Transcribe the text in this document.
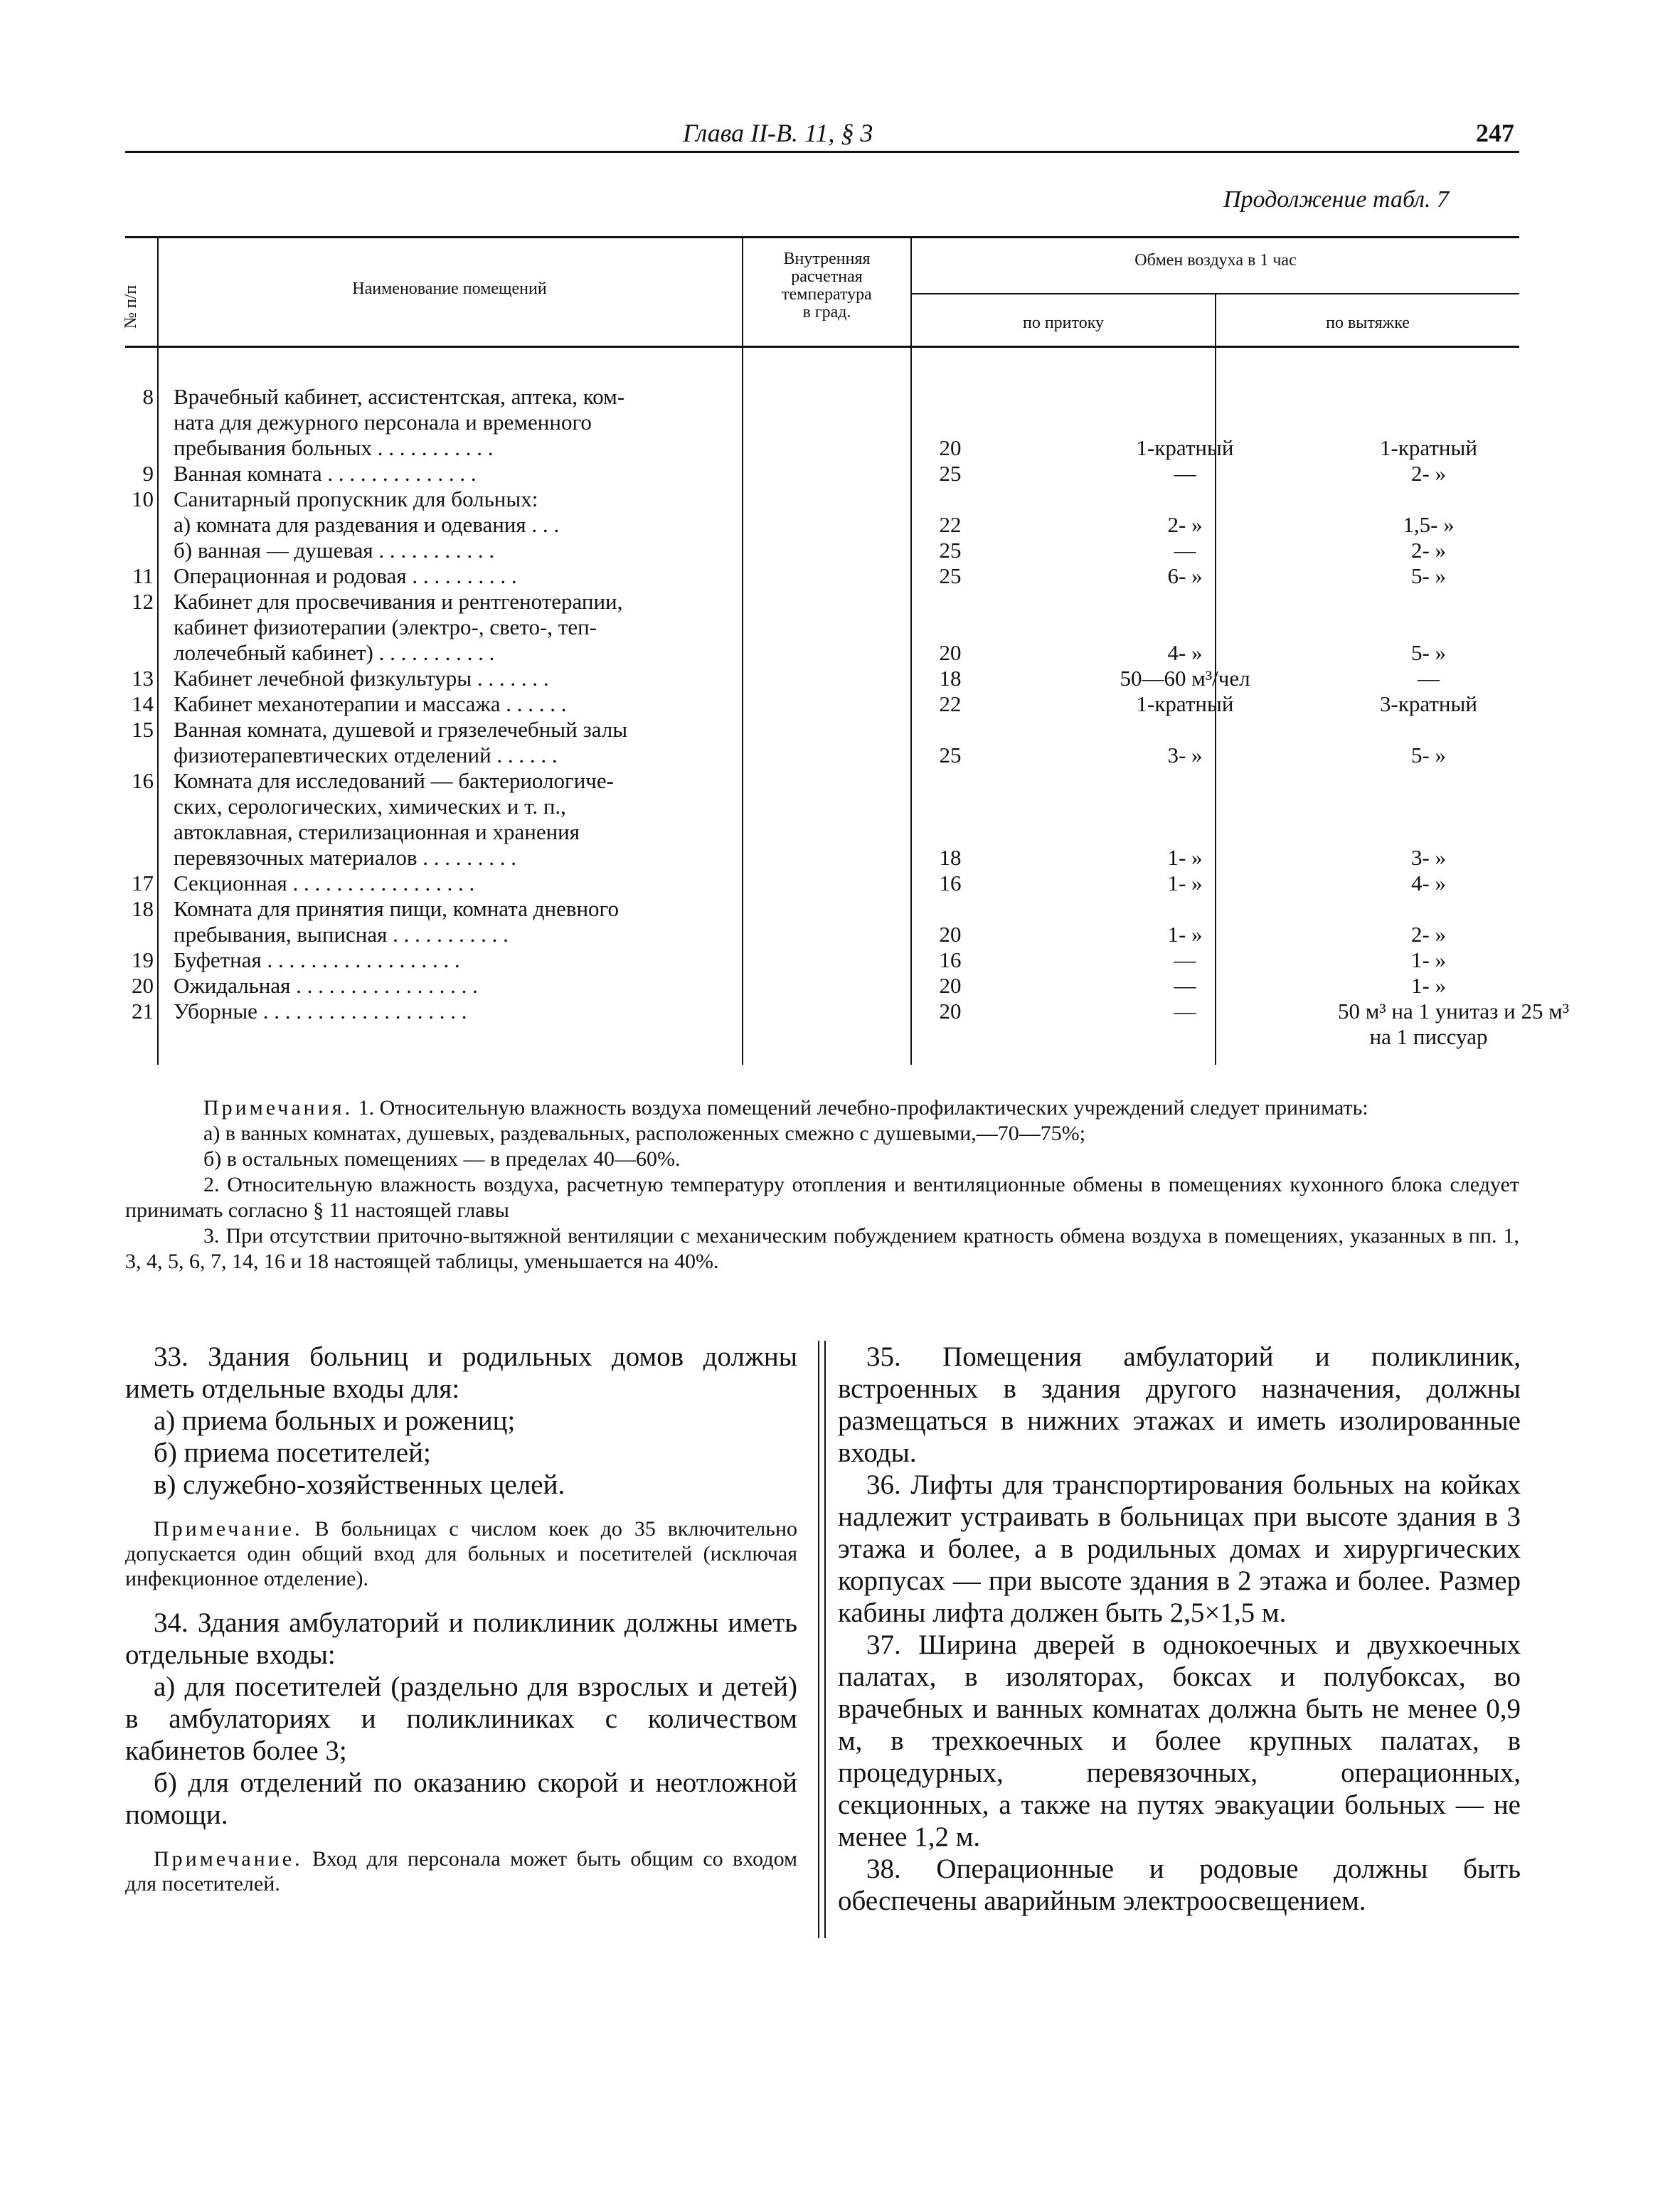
Глава II-В. 11, § 3	247
Продолжение табл. 7
№ п/п	Наименование помещений
Внутренняя
расчетная
температура
в град.
Обмен воздуха в 1 час
по притоку	по вытяжке
8 Врачебный кабинет, ассистентская, аптека, ком-
ната для дежурного персонала и временного
пребывания больных . . . . . . . . . . .	20	1-кратный	1-кратный
9 Ванная комната . . . . . . . . . . . . . .	25	—	2- »
10 Санитарный пропускник для больных:
а) комната для раздевания и одевания . . .	22	2- »	1,5- »
б) ванная — душевая . . . . . . . . . . .	25	—	2- »
11 Операционная и родовая . . . . . . . . . .	25	6- »	5- »
12 Кабинет для просвечивания и рентгенотерапии,
кабинет физиотерапии (электро-, свето-, теп-
лолечебный кабинет) . . . . . . . . . . .	20	4- »	5- »
13 Кабинет лечебной физкультуры . . . . . . .	18	50—60 м³/чел	—
14 Кабинет механотерапии и массажа . . . . . .	22	1-кратный	3-кратный
15 Ванная комната, душевой и грязелечебный залы
физиотерапевтических отделений . . . . . .	25	3- »	5- »
16 Комната для исследований — бактериологиче-
ских, серологических, химических и т. п.,
автоклавная, стерилизационная и хранения
перевязочных материалов . . . . . . . . .	18	1- »	3- »
17 Секционная . . . . . . . . . . . . . . . . .	16	1- »	4- »
18 Комната для принятия пищи, комната дневного
пребывания, выписная . . . . . . . . . . .	20	1- »	2- »
19 Буфетная . . . . . . . . . . . . . . . . . .	16	—	1- »
20 Ожидальная . . . . . . . . . . . . . . . . .	20	—	1- »
21 Уборные . . . . . . . . . . . . . . . . . . .	20	—	50 м³ на 1 унитаз и 25 м³
на 1 писсуар

Примечания. 1. Относительную влажность воздуха помещений лечебно-профилактических учреждений следует принимать:

а) в ванных комнатах, душевых, раздевальных, расположенных смежно с душевыми,—70—75%;

б) в остальных помещениях — в пределах 40—60%.

2. Относительную влажность воздуха, расчетную температуру отопления и вентиляционные обмены в помещениях кухонного блока следует принимать согласно § 11 настоящей главы

3. При отсутствии приточно-вытяжной вентиляции с механическим побуждением кратность обмена воздуха в помещениях, указанных в пп. 1, 3, 4, 5, 6, 7, 14, 16 и 18 настоящей таблицы, уменьшается на 40%.

33. Здания больниц и родильных домов должны иметь отдельные входы для:

а) приема больных и рожениц;

б) приема посетителей;

в) служебно-хозяйственных целей.

Примечание. В больницах с числом коек до 35 включительно допускается один общий вход для больных и посетителей (исключая инфекционное отделение).

34. Здания амбулаторий и поликлиник должны иметь отдельные входы:

а) для посетителей (раздельно для взрослых и детей) в амбулаториях и поликлиниках с количеством кабинетов более 3;

б) для отделений по оказанию скорой и неотложной помощи.

Примечание. Вход для персонала может быть общим со входом для посетителей.

35. Помещения амбулаторий и поликлиник, встроенных в здания другого назначения, должны размещаться в нижних этажах и иметь изолированные входы.

36. Лифты для транспортирования больных на койках надлежит устраивать в больницах при высоте здания в 3 этажа и более, а в родильных домах и хирургических корпусах — при высоте здания в 2 этажа и более. Размер кабины лифта должен быть 2,5×1,5 м.

37. Ширина дверей в однокоечных и двухкоечных палатах, в изоляторах, боксах и полубоксах, во врачебных и ванных комнатах должна быть не менее 0,9 м, в трехкоечных и более крупных палатах, в процедурных, перевязочных, операционных, секционных, а также на путях эвакуации больных — не менее 1,2 м.

38. Операционные и родовые должны быть обеспечены аварийным электроосвещением.
